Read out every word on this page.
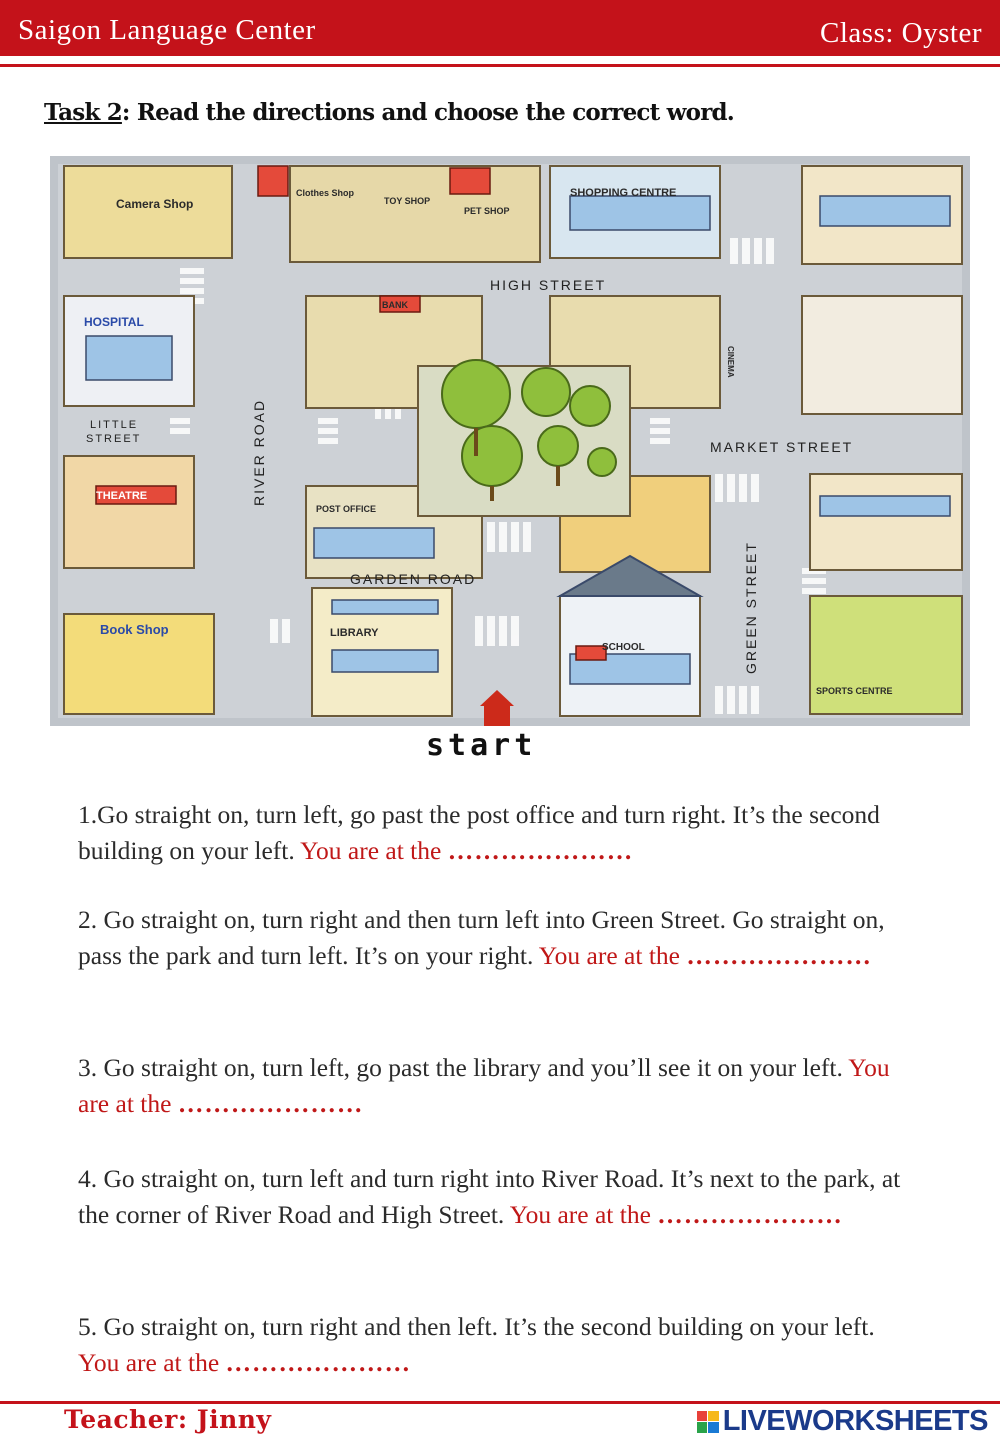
Saigon Language Center	Class: Oyster
Task 2: Read the directions and choose the correct word.
Camera Shop
Clothes Shop
TOY SHOP
PET SHOP
SHOPPING CENTRE
HOSPITAL
BANK
CINEMA
THEATRE
POST OFFICE
Book Shop	LIBRARY
SCHOOL
SPORTS CENTRE
HIGH STREET
RIVER ROAD
LITTLE
STREET	MARKET STREET
GARDEN ROAD	GREEN STREET
start
1.Go straight on, turn left, go past the post office and turn right. It’s the second building on your left. You are at the …………………
2. Go straight on, turn right and then turn left into Green Street. Go straight on, pass the park and turn left. It’s on your right. You are at the …………………
3. Go straight on, turn left, go past the library and you’ll see it on your left. You are at the …………………
4. Go straight on, turn left and turn right into River Road. It’s next to the park, at the corner of River Road and High Street. You are at the …………………
5. Go straight on, turn right and then left. It’s the second building on your left. You are at the …………………
Teacher: Jinny	LIVEWORKSHEETS
